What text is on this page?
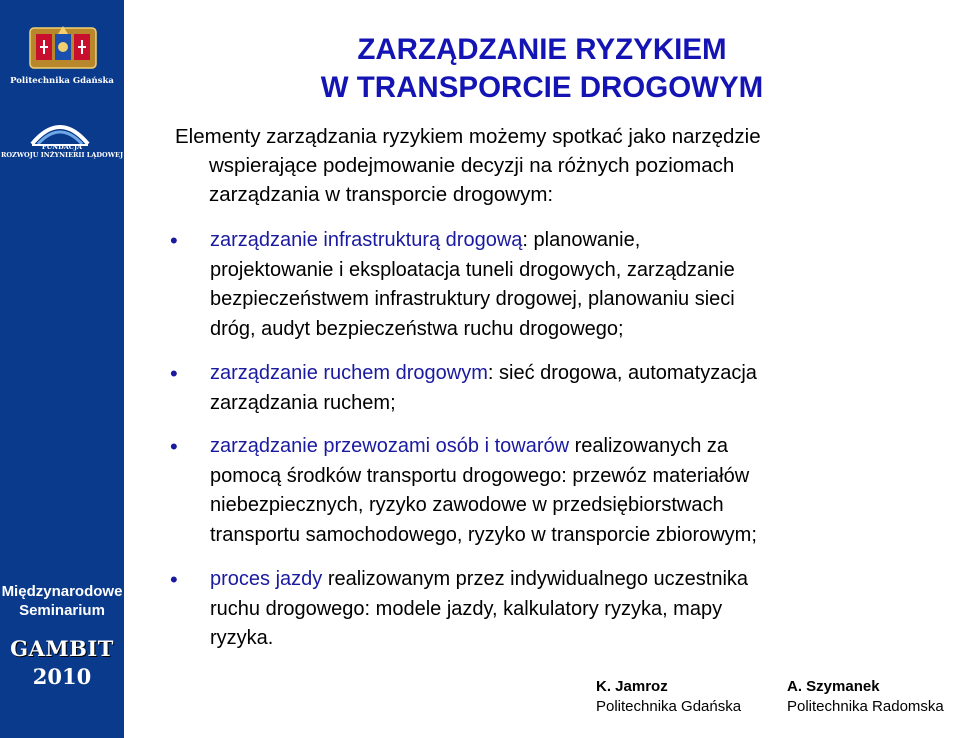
Politechnika Gdańska
FUNDACJA
ROZWOJU INŻYNIERII LĄDOWEJ
Międzynarodowe
Seminarium
GAMBIT
2010
ZARZĄDZANIE RYZYKIEM
W TRANSPORCIE DROGOWYM
Elementy zarządzania ryzykiem możemy spotkać jako narzędzie
wspierające podejmowanie decyzji na różnych poziomach
zarządzania w transporcie drogowym:
• zarządzanie infrastrukturą drogową: planowanie,
projektowanie i eksploatacja tuneli drogowych, zarządzanie
bezpieczeństwem infrastruktury drogowej, planowaniu sieci
dróg, audyt bezpieczeństwa ruchu drogowego;
• zarządzanie ruchem drogowym: sieć drogowa, automatyzacja
zarządzania ruchem;
• zarządzanie przewozami osób i towarów realizowanych za
pomocą środków transportu drogowego: przewóz materiałów
niebezpiecznych, ryzyko zawodowe w przedsiębiorstwach
transportu samochodowego, ryzyko w transporcie zbiorowym;
• proces jazdy realizowanym przez indywidualnego uczestnika
ruchu drogowego: modele jazdy, kalkulatory ryzyka, mapy
ryzyka.
K. Jamroz
Politechnika Gdańska
A. Szymanek
Politechnika Radomska
